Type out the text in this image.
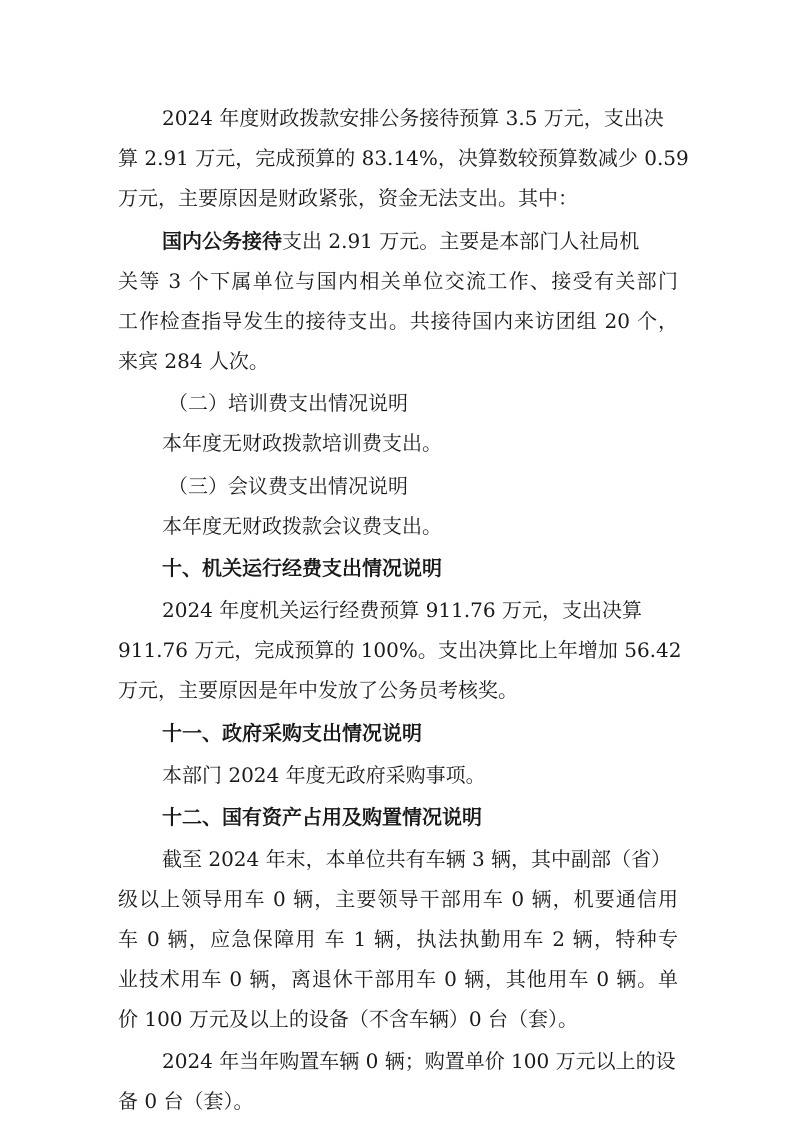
2024 年度财政拨款安排公务接待预算 3.5 万元，支出决
算 2.91 万元，完成预算的 83.14%，决算数较预算数减少 0.59
万元，主要原因是财政紧张，资金无法支出。其中：
国内公务接待支出 2.91 万元。主要是本部门人社局机
关等 3 个下属单位与国内相关单位交流工作、接受有关部门
工作检查指导发生的接待支出。共接待国内来访团组 20 个，
来宾 284 人次。
（二）培训费支出情况说明
本年度无财政拨款培训费支出。
（三）会议费支出情况说明
本年度无财政拨款会议费支出。
十、机关运行经费支出情况说明
2024 年度机关运行经费预算 911.76 万元，支出决算
911.76 万元，完成预算的 100%。支出决算比上年增加 56.42
万元，主要原因是年中发放了公务员考核奖。
十一、政府采购支出情况说明
本部门 2024 年度无政府采购事项。
十二、国有资产占用及购置情况说明
截至 2024 年末，本单位共有车辆 3 辆，其中副部（省）
级以上领导用车 0 辆，主要领导干部用车 0 辆，机要通信用
车 0 辆，应急保障用 车 1 辆，执法执勤用车 2 辆，特种专
业技术用车 0 辆，离退休干部用车 0 辆，其他用车 0 辆。单
价 100 万元及以上的设备（不含车辆）0 台（套）。
2024 年当年购置车辆 0 辆；购置单价 100 万元以上的设
备 0 台（套）。
